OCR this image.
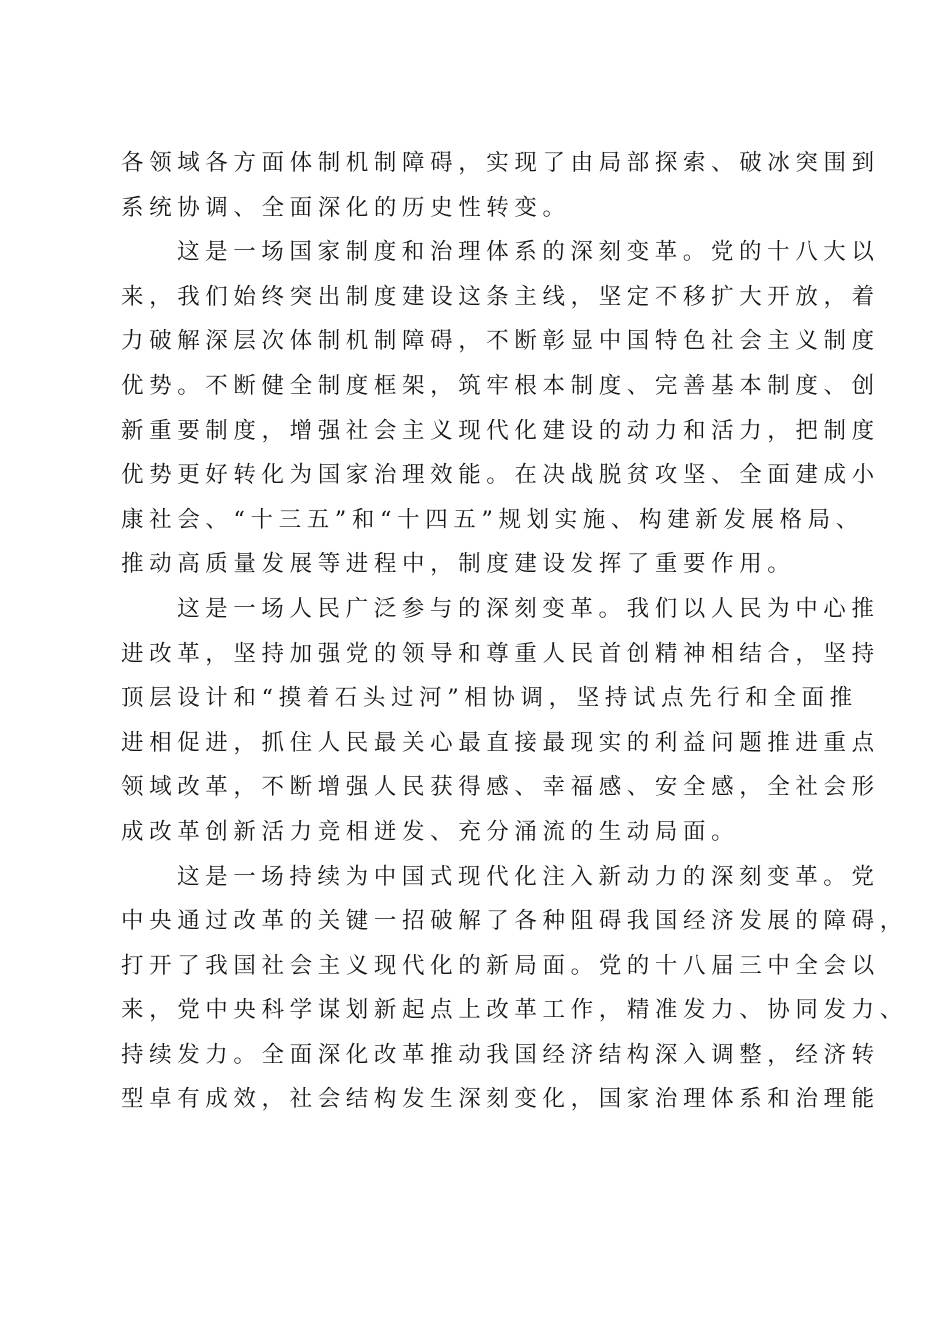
各领域各方面体制机制障碍，实现了由局部探索、破冰突围到
系统协调、全面深化的历史性转变。
这是一场国家制度和治理体系的深刻变革。党的十八大以
来，我们始终突出制度建设这条主线，坚定不移扩大开放，着
力破解深层次体制机制障碍，不断彰显中国特色社会主义制度
优势。不断健全制度框架，筑牢根本制度、完善基本制度、创
新重要制度，增强社会主义现代化建设的动力和活力，把制度
优势更好转化为国家治理效能。在决战脱贫攻坚、全面建成小
康社会、“十三五”和“十四五”规划实施、构建新发展格局、
推动高质量发展等进程中，制度建设发挥了重要作用。
这是一场人民广泛参与的深刻变革。我们以人民为中心推
进改革，坚持加强党的领导和尊重人民首创精神相结合，坚持
顶层设计和“摸着石头过河”相协调，坚持试点先行和全面推
进相促进，抓住人民最关心最直接最现实的利益问题推进重点
领域改革，不断增强人民获得感、幸福感、安全感，全社会形
成改革创新活力竞相迸发、充分涌流的生动局面。
这是一场持续为中国式现代化注入新动力的深刻变革。党
中央通过改革的关键一招破解了各种阻碍我国经济发展的障碍，
打开了我国社会主义现代化的新局面。党的十八届三中全会以
来，党中央科学谋划新起点上改革工作，精准发力、协同发力、
持续发力。全面深化改革推动我国经济结构深入调整，经济转
型卓有成效，社会结构发生深刻变化，国家治理体系和治理能
